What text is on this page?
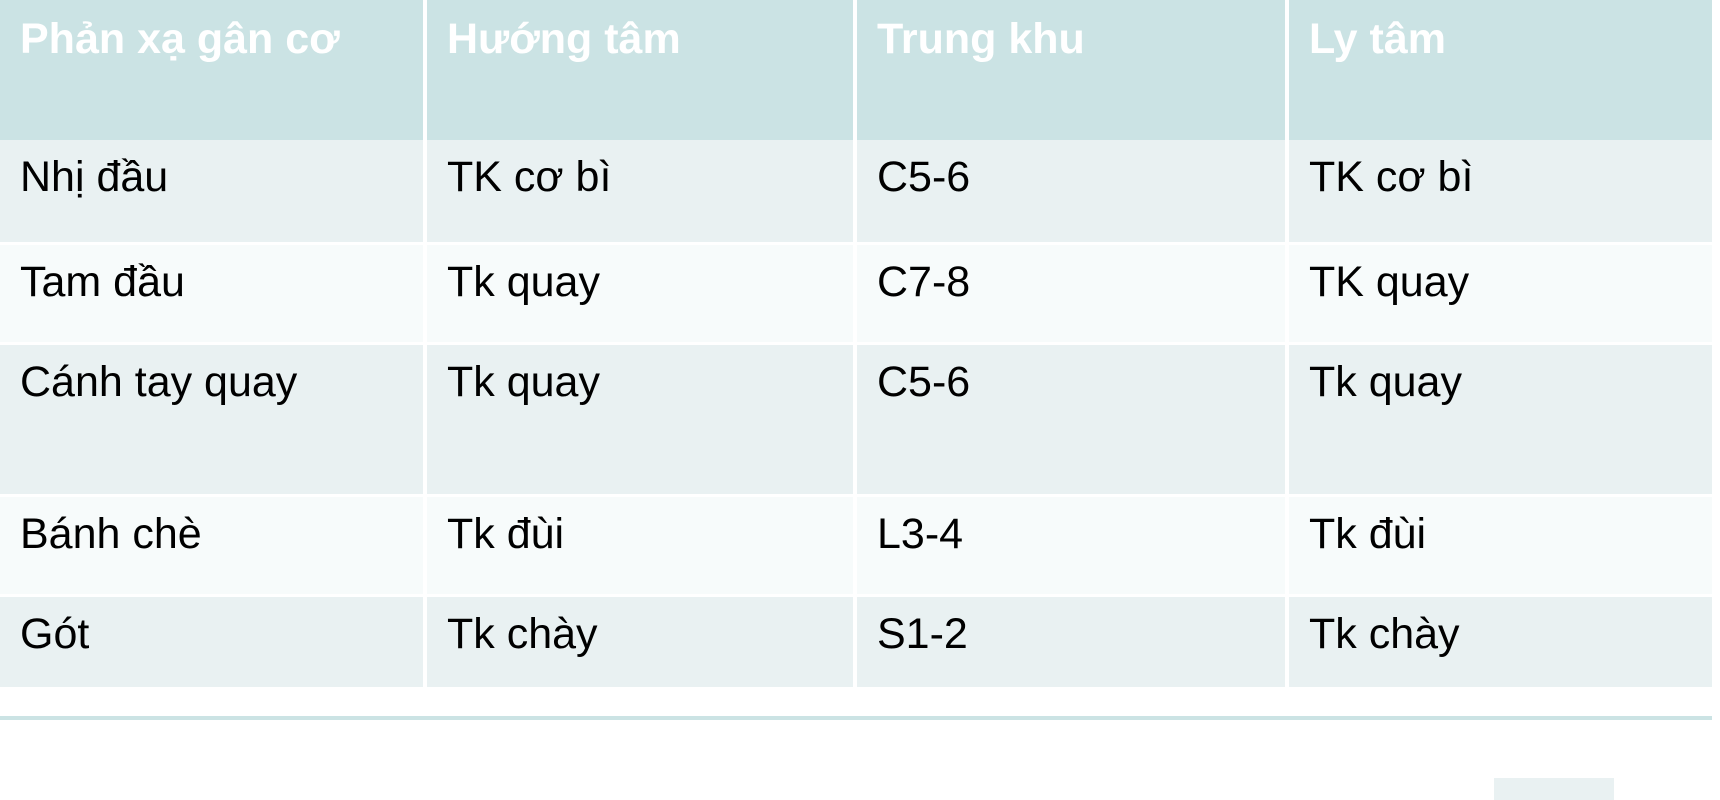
Phản xạ gân cơ	Hướng tâm	Trung khu	Ly tâm
Nhị đầu	TK cơ bì	C5-6	TK cơ bì
Tam đầu	Tk quay	C7-8	TK quay
Cánh tay quay	Tk quay	C5-6	Tk quay
Bánh chè	Tk đùi	L3-4	Tk đùi
Gót	Tk chày	S1-2	Tk chày
